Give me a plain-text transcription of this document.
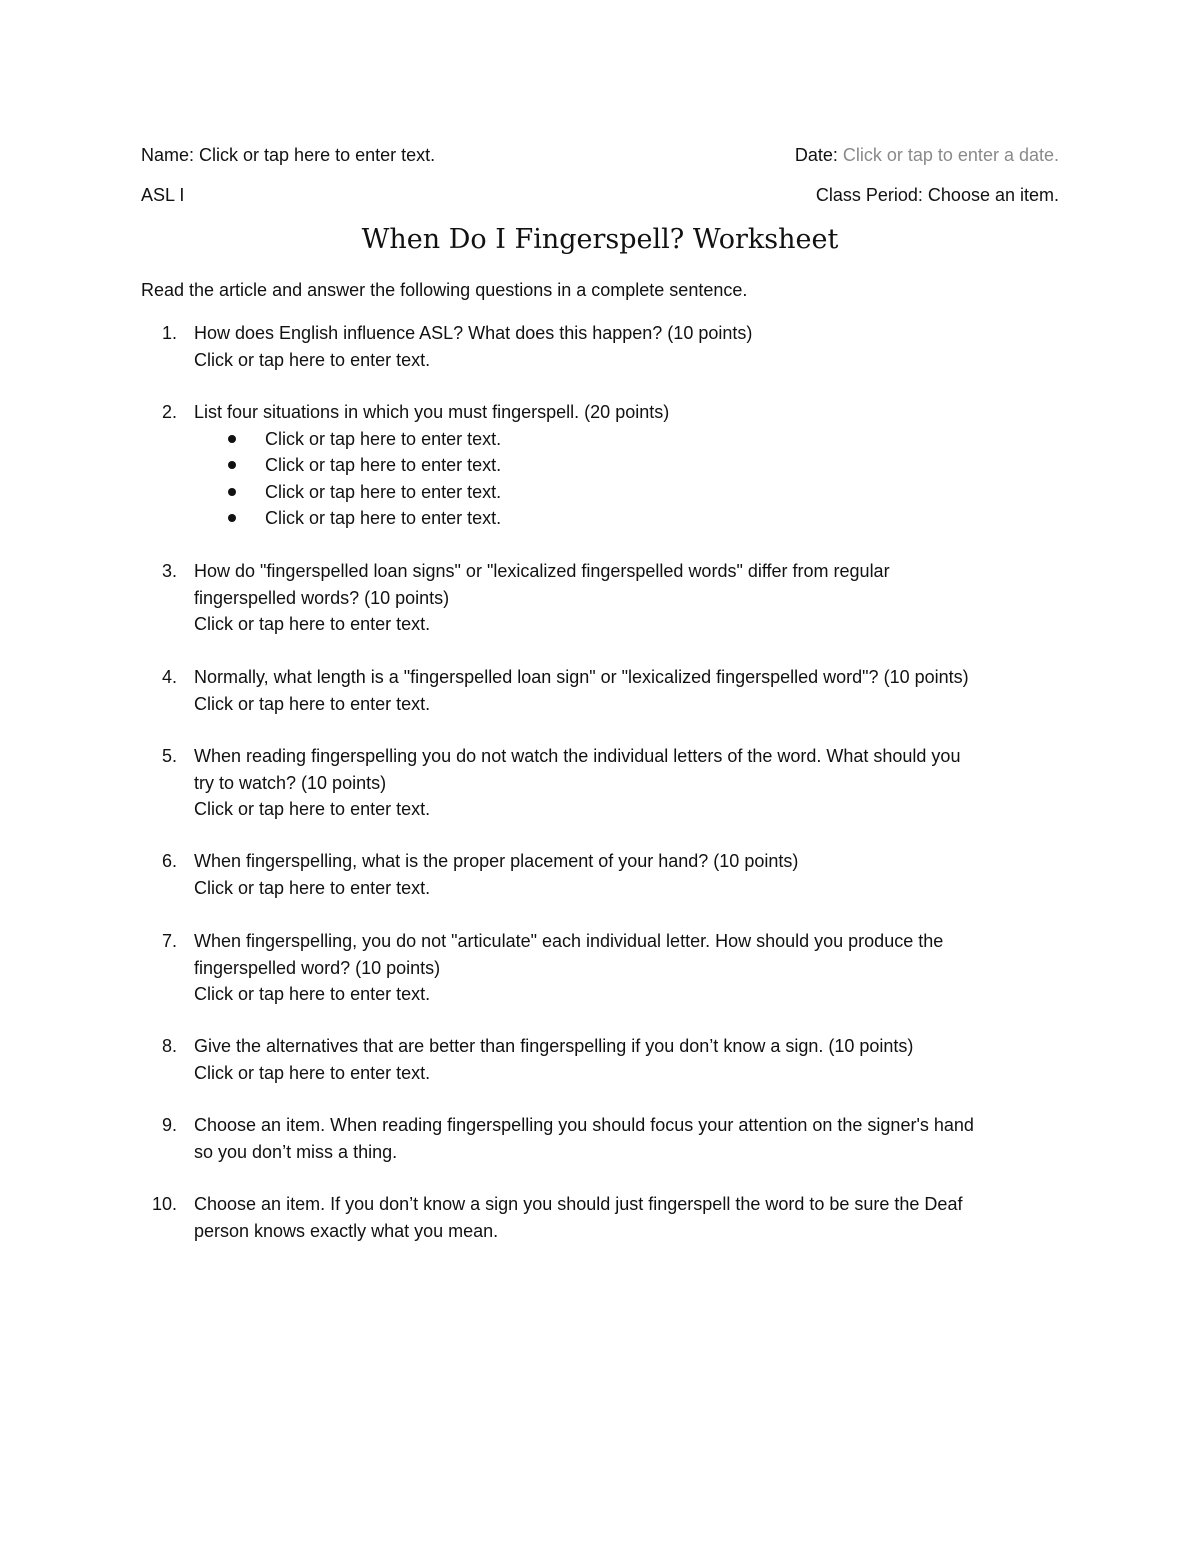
Name: Click or tap here to enter text.	Date: Click or tap to enter a date.
ASL I	Class Period: Choose an item.
When Do I Fingerspell? Worksheet
Read the article and answer the following questions in a complete sentence.
1. How does English influence ASL? What does this happen? (10 points)
Click or tap here to enter text.
2. List four situations in which you must fingerspell. (20 points)
Click or tap here to enter text.
Click or tap here to enter text.
Click or tap here to enter text.
Click or tap here to enter text.
3. How do "fingerspelled loan signs" or "lexicalized fingerspelled words" differ from regular
fingerspelled words? (10 points)
Click or tap here to enter text.
4. Normally, what length is a "fingerspelled loan sign" or "lexicalized fingerspelled word"? (10 points)
Click or tap here to enter text.
5. When reading fingerspelling you do not watch the individual letters of the word. What should you
try to watch? (10 points)
Click or tap here to enter text.
6. When fingerspelling, what is the proper placement of your hand? (10 points)
Click or tap here to enter text.
7. When fingerspelling, you do not "articulate" each individual letter. How should you produce the
fingerspelled word? (10 points)
Click or tap here to enter text.
8. Give the alternatives that are better than fingerspelling if you don’t know a sign. (10 points)
Click or tap here to enter text.
9. Choose an item. When reading fingerspelling you should focus your attention on the signer's hand
so you don’t miss a thing.
10. Choose an item. If you don’t know a sign you should just fingerspell the word to be sure the Deaf
person knows exactly what you mean.
